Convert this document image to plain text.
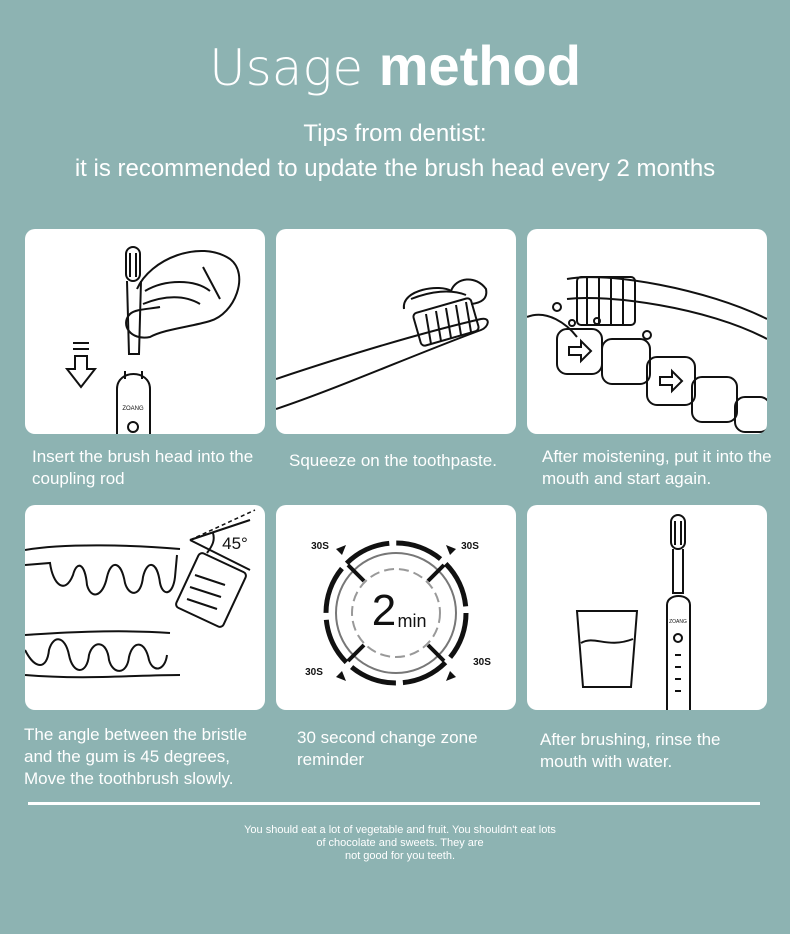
Usage method
Tips from dentist:
it is recommended to update the brush head every 2 months
ZOANG
Insert the brush head into the coupling rod
Squeeze on the toothpaste.	After moistening, put it into the mouth and start again.
45°
The angle between the bristle and the gum is 45 degrees, Move the toothbrush slowly.
2 min
30S	30S
30S
30S
30 second change zone reminder
ZOANG
After brushing, rinse the mouth with water.
You should eat a lot of vegetable and fruit. You shouldn't eat lots
of chocolate and sweets. They are
not good for you teeth.
